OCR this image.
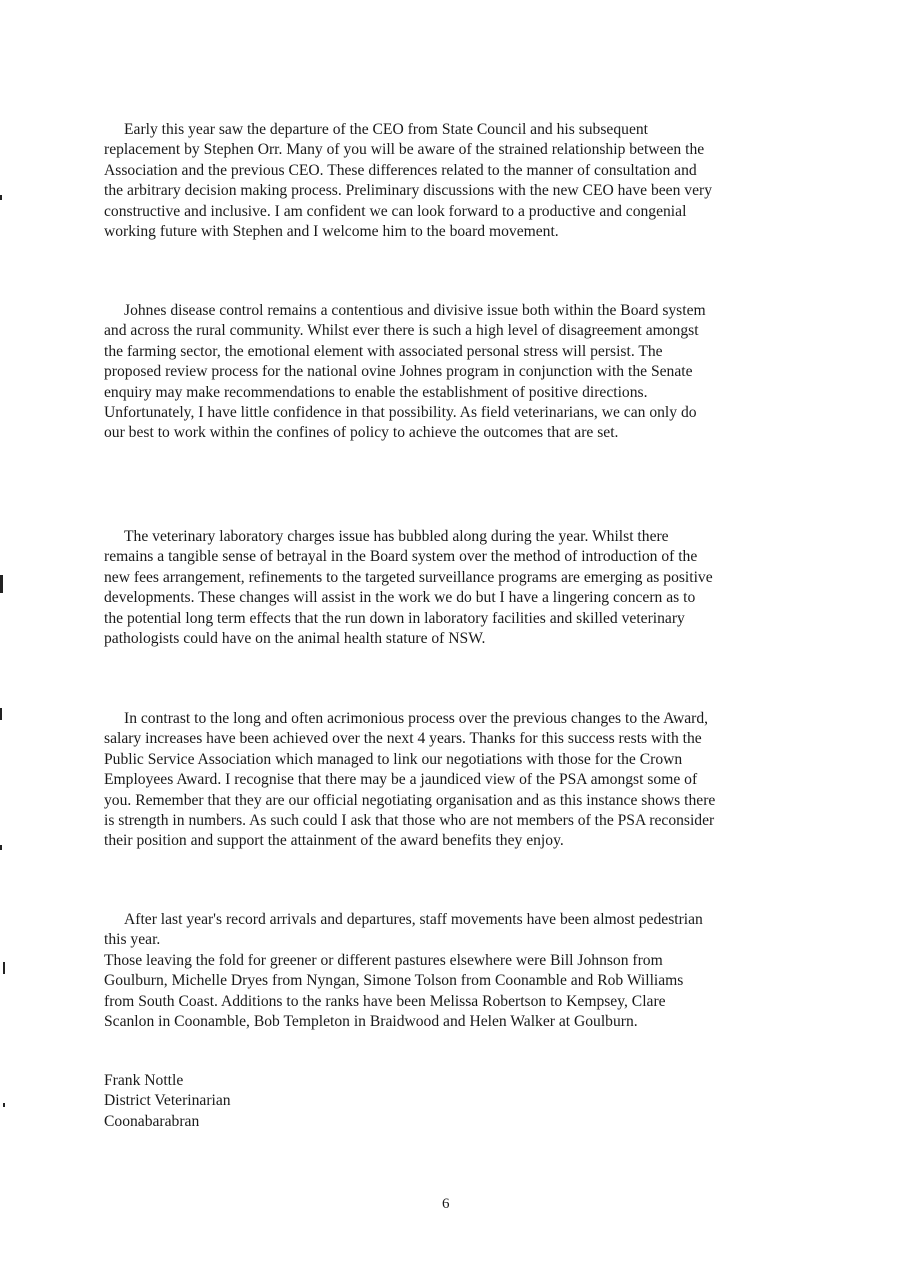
Early this year saw the departure of the CEO from State Council and his subsequent
replacement by Stephen Orr. Many of you will be aware of the strained relationship between the
Association and the previous CEO. These differences related to the manner of consultation and
the arbitrary decision making process. Preliminary discussions with the new CEO have been very
constructive and inclusive. I am confident we can look forward to a productive and congenial
working future with Stephen and I welcome him to the board movement.
Johnes disease control remains a contentious and divisive issue both within the Board system
and across the rural community. Whilst ever there is such a high level of disagreement amongst
the farming sector, the emotional element with associated personal stress will persist. The
proposed review process for the national ovine Johnes program in conjunction with the Senate
enquiry may make recommendations to enable the establishment of positive directions.
Unfortunately, I have little confidence in that possibility. As field veterinarians, we can only do
our best to work within the confines of policy to achieve the outcomes that are set.
The veterinary laboratory charges issue has bubbled along during the year. Whilst there
remains a tangible sense of betrayal in the Board system over the method of introduction of the
new fees arrangement, refinements to the targeted surveillance programs are emerging as positive
developments. These changes will assist in the work we do but I have a lingering concern as to
the potential long term effects that the run down in laboratory facilities and skilled veterinary
pathologists could have on the animal health stature of NSW.
In contrast to the long and often acrimonious process over the previous changes to the Award,
salary increases have been achieved over the next 4 years. Thanks for this success rests with the
Public Service Association which managed to link our negotiations with those for the Crown
Employees Award. I recognise that there may be a jaundiced view of the PSA amongst some of
you. Remember that they are our official negotiating organisation and as this instance shows there
is strength in numbers. As such could I ask that those who are not members of the PSA reconsider
their position and support the attainment of the award benefits they enjoy.
After last year's record arrivals and departures, staff movements have been almost pedestrian
this year.
Those leaving the fold for greener or different pastures elsewhere were Bill Johnson from
Goulburn, Michelle Dryes from Nyngan, Simone Tolson from Coonamble and Rob Williams
from South Coast. Additions to the ranks have been Melissa Robertson to Kempsey, Clare
Scanlon in Coonamble, Bob Templeton in Braidwood and Helen Walker at Goulburn.
Frank Nottle
District Veterinarian
Coonabarabran
6
